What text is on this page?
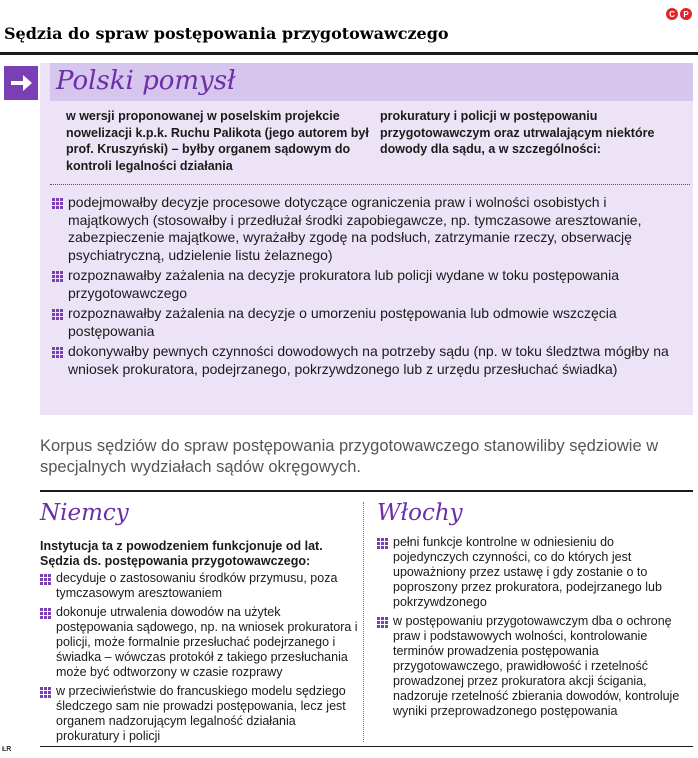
Sędzia do spraw postępowania przygotowawczego
C	P
Polski pomysł
w wersji proponowanej w poselskim projekcie nowelizacji k.p.k. Ruchu Palikota (jego autorem był prof. Kruszyński) – byłby organem sądowym do kontroli legalności działania
prokuratury i policji w postępowaniu przygotowawczym oraz utrwalającym niektóre dowody dla sądu, a w szczególności:
podejmowałby decyzje procesowe dotyczące ograniczenia praw i wolności osobistych i majątkowych (stosowałby i przedłużał środki zapobiegawcze, np. tymczasowe aresztowanie, zabezpieczenie majątkowe, wyrażałby zgodę na podsłuch, zatrzymanie rzeczy, obserwację psychiatryczną, udzielenie listu żelaznego)
rozpoznawałby zażalenia na decyzje prokuratora lub policji wydane w toku postępowania przygotowawczego
rozpoznawałby zażalenia na decyzje o umorzeniu postępowania lub odmowie wszczęcia postępowania
dokonywałby pewnych czynności dowodowych na potrzeby sądu (np. w toku śledztwa mógłby na wniosek prokuratora, podejrzanego, pokrzywdzonego lub z urzędu przesłuchać świadka)
Korpus sędziów do spraw postępowania przygotowawczego stanowiliby sędziowie w specjalnych wydziałach sądów okręgowych.
Niemcy	Włochy
Instytucja ta z powodzeniem funkcjonuje od lat. Sędzia ds. postępowania przygotowawczego:
decyduje o zastosowaniu środków przymusu, poza tymczasowym aresztowaniem
dokonuje utrwalenia dowodów na użytek postępowania sądowego, np. na wniosek prokuratora i policji, może formalnie przesłuchać podejrzanego i świadka – wówczas protokół z takiego przesłuchania może być odtworzony w czasie rozprawy
w przeciwieństwie do francuskiego modelu sędziego śledczego sam nie prowadzi postępowania, lecz jest organem nadzorującym legalność działania prokuratury i policji
pełni funkcje kontrolne w odniesieniu do pojedynczych czynności, co do których jest upoważniony przez ustawę i gdy zostanie o to poproszony przez prokuratora, podejrzanego lub pokrzywdzonego
w postępowaniu przygotowawczym dba o ochronę praw i podstawowych wolności, kontrolowanie terminów prowadzenia postępowania przygotowawczego, prawidłowość i rzetelność prowadzonej przez prokuratora akcji ścigania, nadzoruje rzetelność zbierania dowodów, kontroluje wyniki przeprowadzonego postępowania
ŁR
